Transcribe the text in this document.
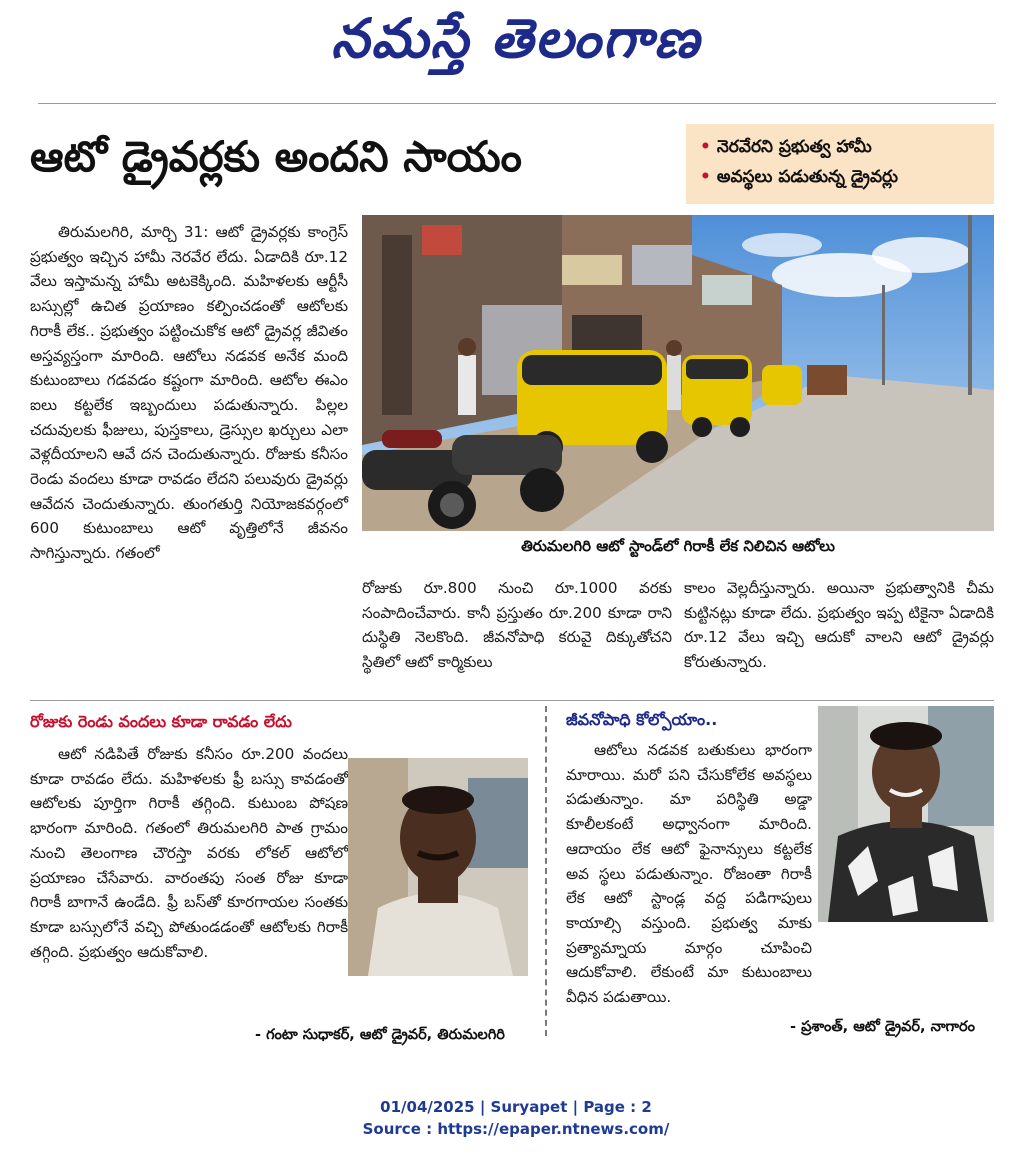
నమస్తే తెలంగాణ
ఆటో డ్రైవర్లకు అందని సాయం	• నెరవేరని ప్రభుత్వ హామీ
• అవస్థలు పడుతున్న డ్రైవర్లు

తిరుమలగిరి, మార్చి 31: ఆటో డ్రైవర్లకు కాంగ్రెస్ ప్రభుత్వం ఇచ్చిన హామీ నెరవేర లేదు. ఏడాదికి రూ.12 వేలు ఇస్తామన్న హామీ అటకెక్కింది. మహిళలకు ఆర్టీసీ బస్సుల్లో ఉచిత ప్రయాణం కల్పించడంతో ఆటోలకు గిరాకీ లేక.. ప్రభుత్వం పట్టించుకోక ఆటో డ్రైవర్ల జీవితం అస్తవ్యస్తంగా మారింది. ఆటోలు నడవక అనేక మంది కుటుంబాలు గడవడం కష్టంగా మారింది. ఆటోల ఈఎం ఐలు కట్టలేక ఇబ్బందులు పడుతున్నారు. పిల్లల చదువులకు ఫీజులు, పుస్తకాలు, డ్రెస్సుల ఖర్చులు ఎలా వెళ్లదీయాలని ఆవే దన చెందుతున్నారు. రోజుకు కనీసం రెండు వందలు కూడా రావడం లేదని పలువురు డ్రైవర్లు ఆవేదన చెందుతున్నారు. తుంగతుర్తి నియోజకవర్గంలో 600 కుటుంబాలు ఆటో వృత్తిలోనే జీవనం సాగిస్తున్నారు. గతంలో	తిరుమలగిరి ఆటో స్టాండ్‌లో గిరాకీ లేక నిలిచిన ఆటోలు

రోజుకు రూ.800 నుంచి రూ.1000 వరకు సంపాదించేవారు. కానీ ప్రస్తుతం రూ.200 కూడా రాని దుస్థితి నెలకొంది. జీవనోపాధి కరువై దిక్కుతోచని స్థితిలో ఆటో కార్మికులు

కాలం వెల్లదీస్తున్నారు. అయినా ప్రభుత్వానికి చీమ కుట్టినట్లు కూడా లేదు. ప్రభుత్వం ఇప్ప టికైనా ఏడాదికి రూ.12 వేలు ఇచ్చి ఆదుకో వాలని ఆటో డ్రైవర్లు కోరుతున్నారు.

రోజుకు రెండు వందలు కూడా రావడం లేదు

ఆటో నడిపితే రోజుకు కనీసం రూ.200 వందలు కూడా రావడం లేదు. మహిళలకు ఫ్రీ బస్సు కావడంతో ఆటోలకు పూర్తిగా గిరాకీ తగ్గింది. కుటుంబ పోషణ భారంగా మారింది. గతంలో తిరుమలగిరి పాత గ్రామం నుంచి తెలంగాణ చౌరస్తా వరకు లోకల్ ఆటోలో ప్రయాణం చేసేవారు. వారంతపు సంత రోజు కూడా గిరాకీ బాగానే ఉండేది. ఫ్రీ బస్‌తో కూరగాయల సంతకు కూడా బస్సులోనే వచ్చి పోతుండడంతో ఆటోలకు గిరాకీ తగ్గింది. ప్రభుత్వం ఆదుకోవాలి.

- గంటా సుధాకర్, ఆటో డ్రైవర్, తిరుమలగిరి
జీవనోపాధి కోల్పోయాం..

ఆటోలు నడవక బతుకులు భారంగా మారాయి. మరో పని చేసుకోలేక అవస్థలు పడుతున్నాం. మా పరిస్థితి అడ్డా కూలీలకంటే అధ్వానంగా మారింది. ఆదాయం లేక ఆటో ఫైనాన్సులు కట్టలేక అవ స్థలు పడుతున్నాం. రోజంతా గిరాకీ లేక ఆటో స్టాండ్ల వద్ద పడిగాపులు కాయాల్సి వస్తుంది. ప్రభుత్వ మాకు ప్రత్యామ్నాయ మార్గం చూపించి ఆదుకోవాలి. లేకుంటే మా కుటుంబాలు వీధిన పడుతాయి.

- ప్రశాంత్, ఆటో డ్రైవర్, నాగారం
01/04/2025 | Suryapet | Page : 2
Source : https://epaper.ntnews.com/
